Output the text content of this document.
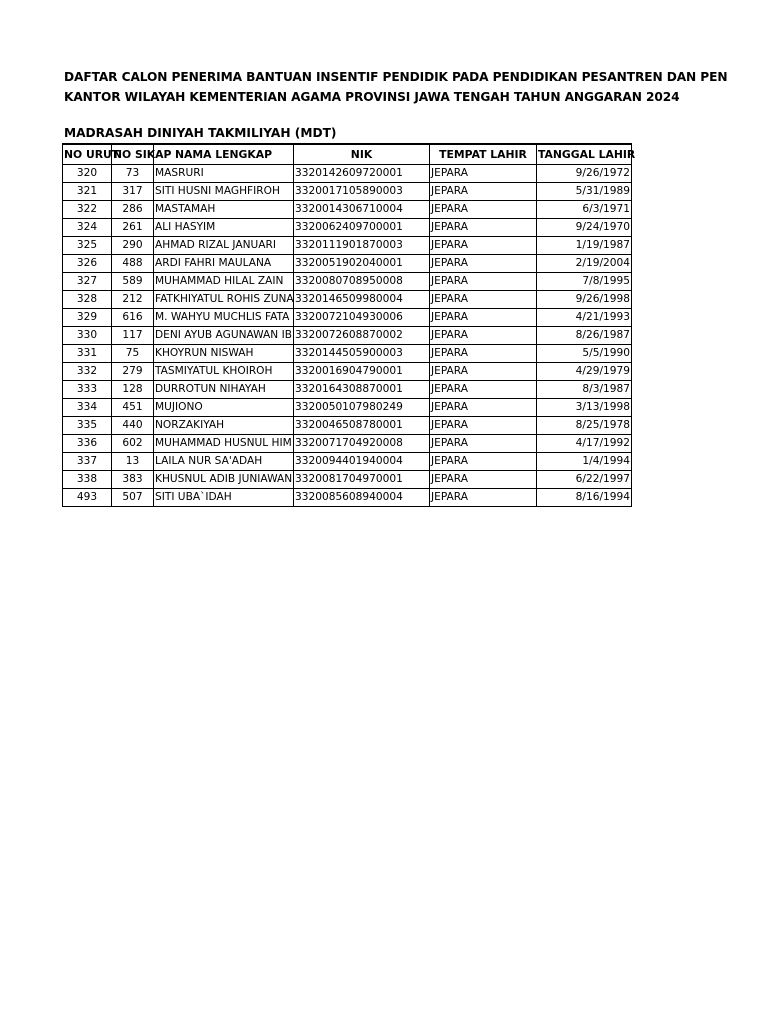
DAFTAR CALON PENERIMA BANTUAN INSENTIF PENDIDIK PADA PENDIDIKAN PESANTREN DAN PEN
KANTOR WILAYAH KEMENTERIAN AGAMA PROVINSI JAWA TENGAH TAHUN ANGGARAN 2024
MADRASAH DINIYAH TAKMILIYAH (MDT)
NO URUT	NO SIKAP	NAMA LENGKAP	NIK	TEMPAT LAHIR	TANGGAL LAHIR
320	73	MASRURI	3320142609720001	JEPARA	9/26/1972
321	317	SITI HUSNI MAGHFIROH	3320017105890003	JEPARA	5/31/1989
322	286	MASTAMAH	3320014306710004	JEPARA	6/3/1971
324	261	ALI HASYIM	3320062409700001	JEPARA	9/24/1970
325	290	AHMAD RIZAL JANUARI	3320111901870003	JEPARA	1/19/1987
326	488	ARDI FAHRI MAULANA	3320051902040001	JEPARA	2/19/2004
327	589	MUHAMMAD HILAL ZAIN	3320080708950008	JEPARA	7/8/1995
328	212	FATKHIYATUL ROHIS ZUNA	3320146509980004	JEPARA	9/26/1998
329	616	M. WAHYU MUCHLIS FATA	3320072104930006	JEPARA	4/21/1993
330	117	DENI AYUB AGUNAWAN IB	3320072608870002	JEPARA	8/26/1987
331	75	KHOYRUN NISWAH	3320144505900003	JEPARA	5/5/1990
332	279	TASMIYATUL KHOIROH	3320016904790001	JEPARA	4/29/1979
333	128	DURROTUN NIHAYAH	3320164308870001	JEPARA	8/3/1987
334	451	MUJIONO	3320050107980249	JEPARA	3/13/1998
335	440	NORZAKIYAH	3320046508780001	JEPARA	8/25/1978
336	602	MUHAMMAD HUSNUL HIM	3320071704920008	JEPARA	4/17/1992
337	13	LAILA NUR SA'ADAH	3320094401940004	JEPARA	1/4/1994
338	383	KHUSNUL ADIB JUNIAWAN	3320081704970001	JEPARA	6/22/1997
493	507	SITI UBA`IDAH	3320085608940004	JEPARA	8/16/1994
